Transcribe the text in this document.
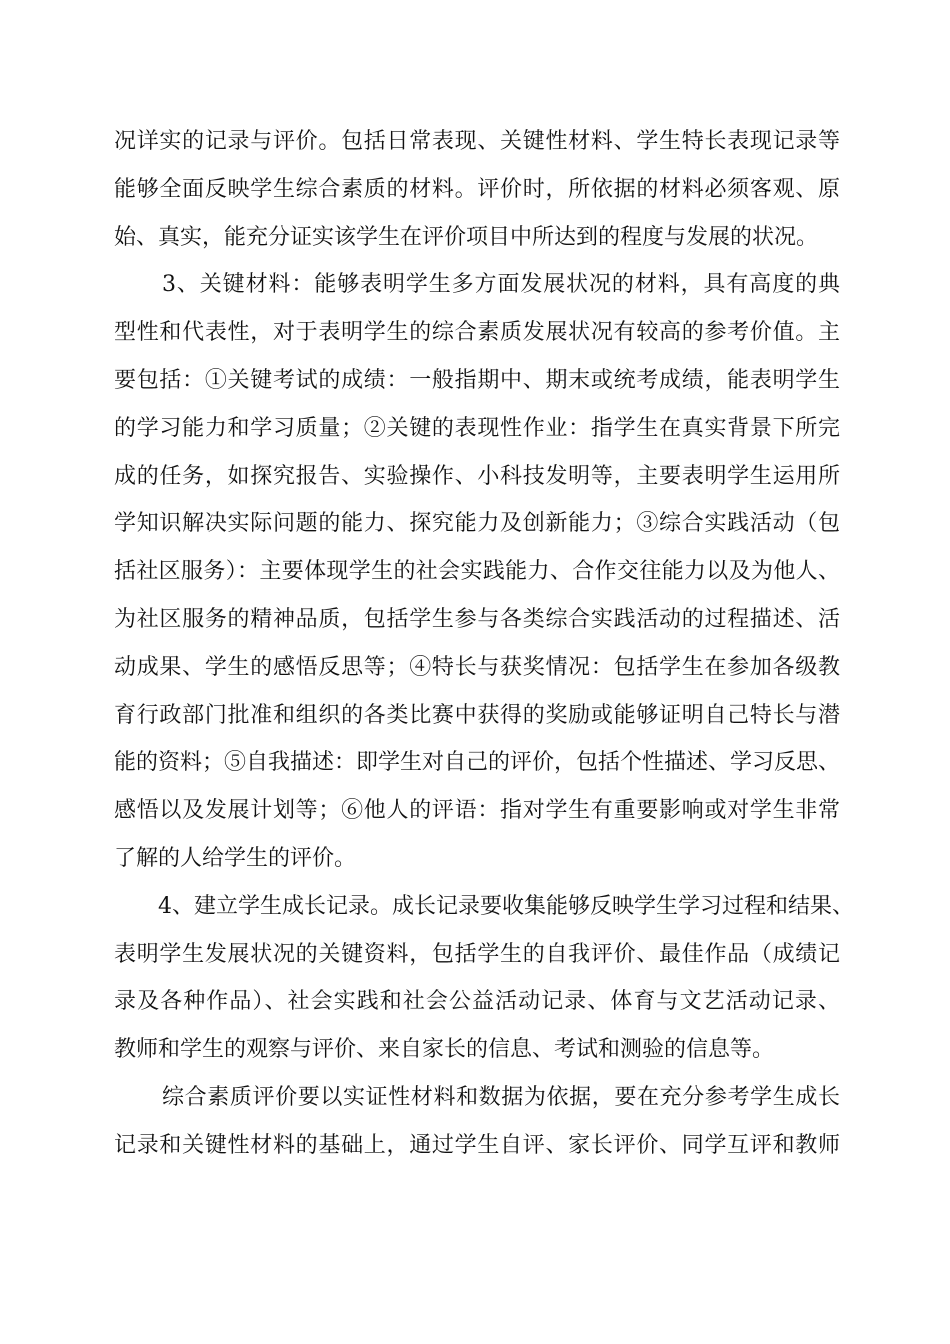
况详实的记录与评价。包括日常表现、关键性材料、学生特长表现记录等
能够全面反映学生综合素质的材料。评价时，所依据的材料必须客观、原
始、真实，能充分证实该学生在评价项目中所达到的程度与发展的状况。
3、关键材料：能够表明学生多方面发展状况的材料，具有高度的典
型性和代表性，对于表明学生的综合素质发展状况有较高的参考价值。主
要包括：①关键考试的成绩：一般指期中、期末或统考成绩，能表明学生
的学习能力和学习质量；②关键的表现性作业：指学生在真实背景下所完
成的任务，如探究报告、实验操作、小科技发明等，主要表明学生运用所
学知识解决实际问题的能力、探究能力及创新能力；③综合实践活动（包
括社区服务）：主要体现学生的社会实践能力、合作交往能力以及为他人、
为社区服务的精神品质，包括学生参与各类综合实践活动的过程描述、活
动成果、学生的感悟反思等；④特长与获奖情况：包括学生在参加各级教
育行政部门批准和组织的各类比赛中获得的奖励或能够证明自己特长与潜
能的资料；⑤自我描述：即学生对自己的评价，包括个性描述、学习反思、
感悟以及发展计划等；⑥他人的评语：指对学生有重要影响或对学生非常
了解的人给学生的评价。
4、建立学生成长记录。成长记录要收集能够反映学生学习过程和结果、
表明学生发展状况的关键资料，包括学生的自我评价、最佳作品（成绩记
录及各种作品）、社会实践和社会公益活动记录、体育与文艺活动记录、
教师和学生的观察与评价、来自家长的信息、考试和测验的信息等。
综合素质评价要以实证性材料和数据为依据，要在充分参考学生成长
记录和关键性材料的基础上，通过学生自评、家长评价、同学互评和教师
